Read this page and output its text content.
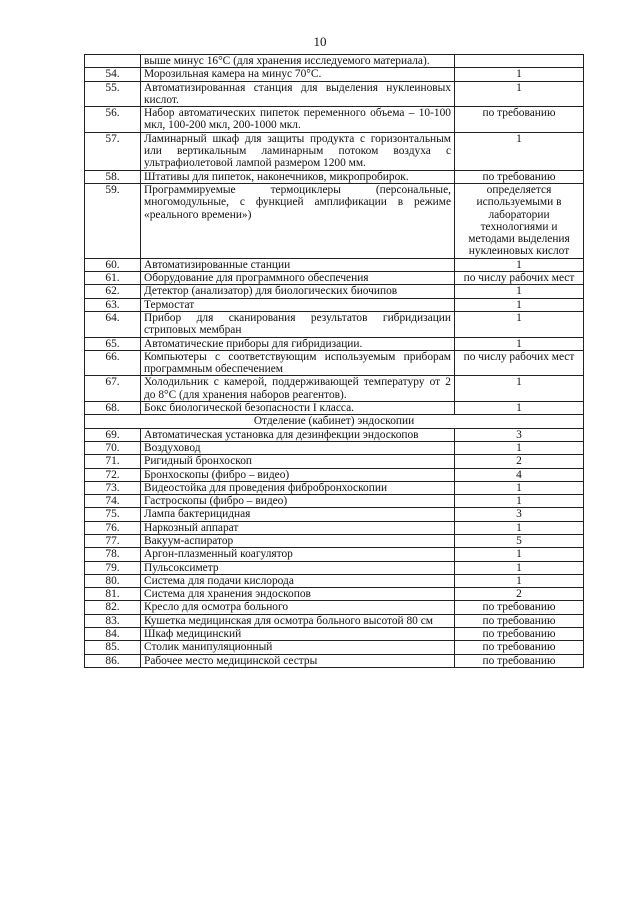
10
	выше минус 16°C (для хранения исследуемого материала).	
54.	Морозильная камера на минус 70°C.	1
55.	Автоматизированная станция для выделения нуклеиновых кислот.	1
56.	Набор автоматических пипеток переменного объема – 10-100 мкл, 100-200 мкл, 200-1000 мкл.	по требованию
57.	Ламинарный шкаф для защиты продукта с горизонтальным или вертикальным ламинарным потоком воздуха с ультрафиолетовой лампой размером 1200 мм.	1
58.	Штативы для пипеток, наконечников, микропробирок.	по требованию
59.	Программируемые термоциклеры (персональные, многомодульные, с функцией амплификации в режиме «реального времени»)	определяется используемыми в лаборатории технологиями и методами выделения нуклеиновых кислот
60.	Автоматизированные станции	1
61.	Оборудование для программного обеспечения	по числу рабочих мест
62.	Детектор (анализатор) для биологических биочипов	1
63.	Термостат	1
64.	Прибор для сканирования результатов гибридизации стриповых мембран	1
65.	Автоматические приборы для гибридизации.	1
66.	Компьютеры с соответствующим используемым приборам программным обеспечением	по числу рабочих мест
67.	Холодильник с камерой, поддерживающей температуру от 2 до 8°C (для хранения наборов реагентов).	1
68.	Бокс биологической безопасности I класса.	1
Отделение (кабинет) эндоскопии		
69.	Автоматическая установка для дезинфекции эндоскопов	3
70.	Воздуховод	1
71.	Ригидный бронхоскоп	2
72.	Бронхоскопы (фибро – видео)	4
73.	Видеостойка для проведения фибробронхоскопии	1
74.	Гастроскопы (фибро – видео)	1
75.	Лампа бактерицидная	3
76.	Наркозный аппарат	1
77.	Вакуум-аспиратор	5
78.	Аргон-плазменный коагулятор	1
79.	Пульсоксиметр	1
80.	Система для подачи кислорода	1
81.	Система для хранения эндоскопов	2
82.	Кресло для осмотра больного	по требованию
83.	Кушетка медицинская для осмотра больного высотой 80 см	по требованию
84.	Шкаф медицинский	по требованию
85.	Столик манипуляционный	по требованию
86.	Рабочее место медицинской сестры	по требованию
